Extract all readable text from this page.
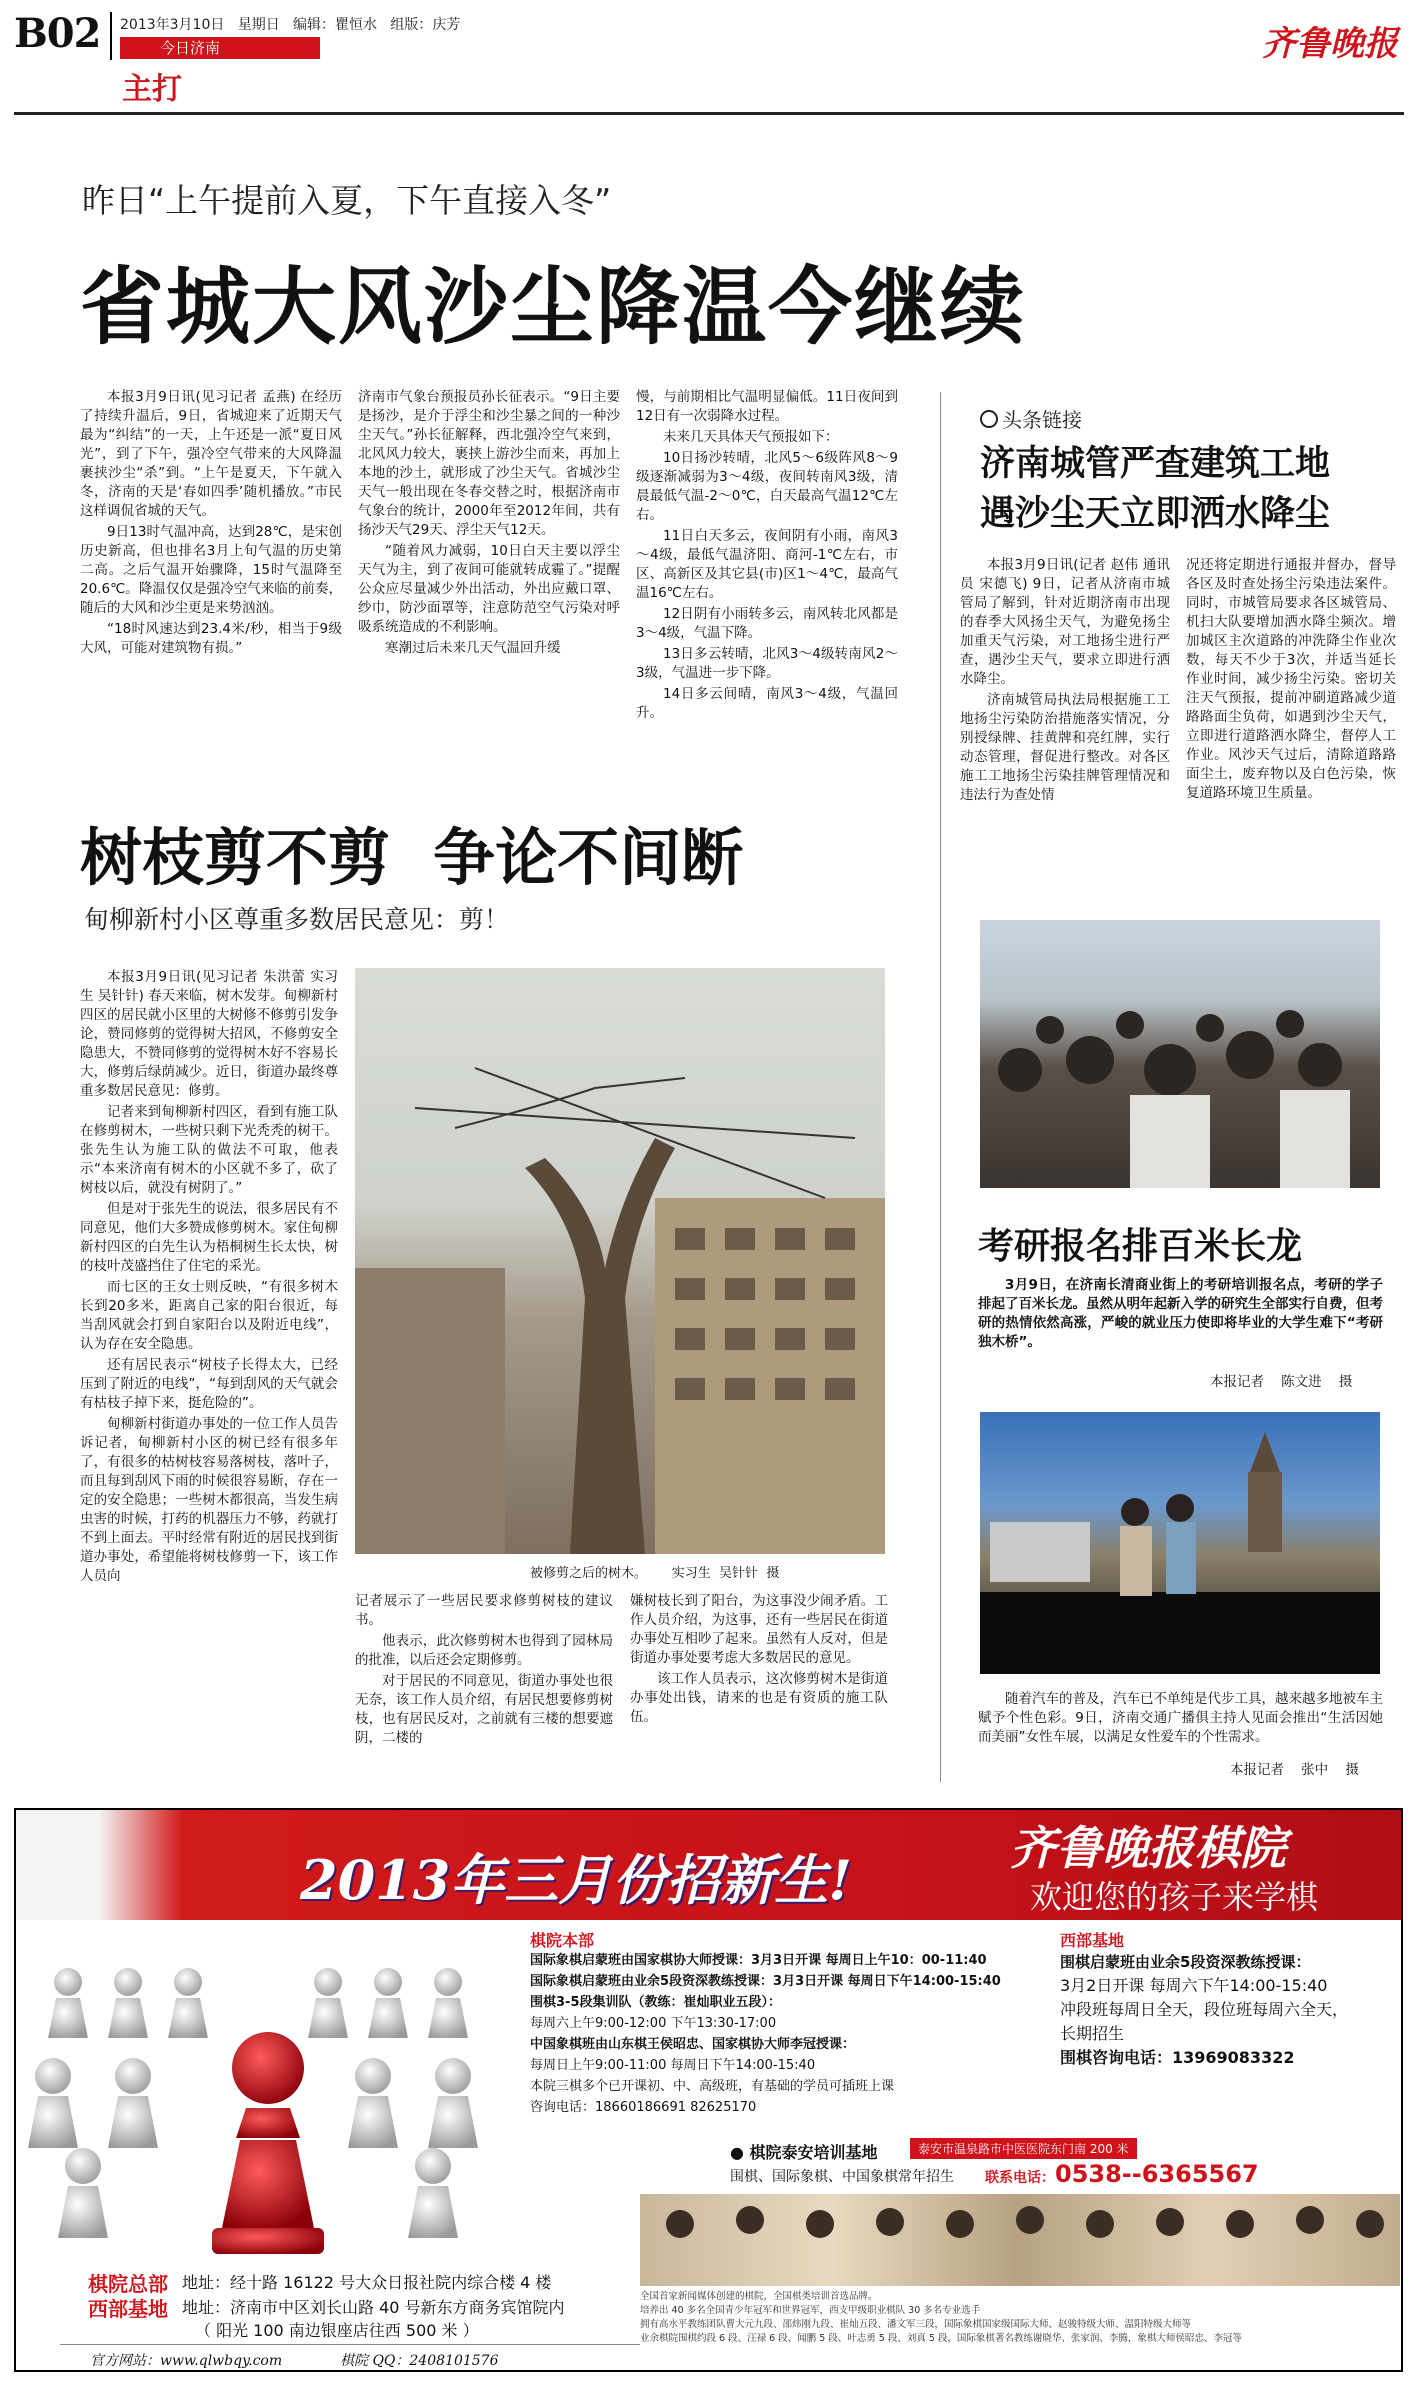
B02 2013年3月10日   星期日   编辑：瞿恒水   组版：庆芳
今日济南
主打
齐鲁晚报
昨日“上午提前入夏，下午直接入冬”
省城大风沙尘降温今继续

本报3月9日讯(见习记者 孟燕) 在经历了持续升温后，9日，省城迎来了近期天气最为“纠结”的一天，上午还是一派“夏日风光”，到了下午，强冷空气带来的大风降温裹挟沙尘“杀”到。“上午是夏天，下午就入冬，济南的天是‘春如四季’随机播放。”市民这样调侃省城的天气。

9日13时气温冲高，达到28℃，是宋创历史新高，但也排名3月上旬气温的历史第二高。之后气温开始骤降，15时气温降至20.6℃。降温仅仅是强冷空气来临的前奏，随后的大风和沙尘更是来势汹汹。

“18时风速达到23.4米/秒，相当于9级大风，可能对建筑物有损。”

济南市气象台预报员孙长征表示。“9日主要是扬沙，是介于浮尘和沙尘暴之间的一种沙尘天气。”孙长征解释，西北强冷空气来到，北风风力较大，裹挟上游沙尘而来，再加上本地的沙土，就形成了沙尘天气。省城沙尘天气一般出现在冬春交替之时，根据济南市气象台的统计，2000年至2012年间，共有扬沙天气29天、浮尘天气12天。

“随着风力减弱，10日白天主要以浮尘天气为主，到了夜间可能就转成霾了。”提醒公众应尽量减少外出活动，外出应戴口罩、纱巾，防沙面罩等，注意防范空气污染对呼吸系统造成的不利影响。

寒潮过后未来几天气温回升缓

慢，与前期相比气温明显偏低。11日夜间到12日有一次弱降水过程。

未来几天具体天气预报如下：

10日扬沙转晴，北风5～6级阵风8～9级逐渐减弱为3～4级，夜间转南风3级，清晨最低气温-2～0℃，白天最高气温12℃左右。

11日白天多云，夜间阴有小雨，南风3～4级，最低气温济阳、商河-1℃左右，市区、高新区及其它县(市)区1～4℃，最高气温16℃左右。

12日阴有小雨转多云，南风转北风都是3～4级，气温下降。

13日多云转晴，北风3～4级转南风2～3级，气温进一步下降。

14日多云间晴，南风3～4级，气温回升。

头条链接
济南城管严查建筑工地
遇沙尘天立即洒水降尘

本报3月9日讯(记者 赵伟 通讯员 宋德飞) 9日，记者从济南市城管局了解到，针对近期济南市出现的春季大风扬尘天气，为避免扬尘加重天气污染，对工地扬尘进行严查，遇沙尘天气，要求立即进行洒水降尘。

济南城管局执法局根据施工工地扬尘污染防治措施落实情况，分别授绿牌、挂黄牌和亮红牌，实行动态管理，督促进行整改。对各区施工工地扬尘污染挂牌管理情况和违法行为查处情

况还将定期进行通报并督办，督导各区及时查处扬尘污染违法案件。同时，市城管局要求各区城管局、机扫大队要增加洒水降尘频次。增加城区主次道路的冲洗降尘作业次数，每天不少于3次，并适当延长作业时间，减少扬尘污染。密切关注天气预报，提前冲刷道路减少道路路面尘负荷，如遇到沙尘天气，立即进行道路洒水降尘，督停人工作业。风沙天气过后，清除道路路面尘土，废弃物以及白色污染，恢复道路环境卫生质量。

树枝剪不剪  争论不间断
甸柳新村小区尊重多数居民意见：剪！

本报3月9日讯(见习记者 朱洪蕾 实习生 吴针针) 春天来临，树木发芽。甸柳新村四区的居民就小区里的大树修不修剪引发争论，赞同修剪的觉得树大招风，不修剪安全隐患大，不赞同修剪的觉得树木好不容易长大，修剪后绿荫减少。近日，街道办最终尊重多数居民意见：修剪。

记者来到甸柳新村四区，看到有施工队在修剪树木，一些树只剩下光秃秃的树干。张先生认为施工队的做法不可取，他表示“本来济南有树木的小区就不多了，砍了树枝以后，就没有树阴了。”

但是对于张先生的说法，很多居民有不同意见，他们大多赞成修剪树木。家住甸柳新村四区的白先生认为梧桐树生长太快，树的枝叶茂盛挡住了住宅的采光。

而七区的王女士则反映，“有很多树木长到20多米，距离自己家的阳台很近，每当刮风就会打到自家阳台以及附近电线”，认为存在安全隐患。

还有居民表示“树枝子长得太大，已经压到了附近的电线”，“每到刮风的天气就会有枯枝子掉下来，挺危险的”。

甸柳新村街道办事处的一位工作人员告诉记者，甸柳新村小区的树已经有很多年了，有很多的枯树枝容易落树枝，落叶子，而且每到刮风下雨的时候很容易断，存在一定的安全隐患；一些树木都很高，当发生病虫害的时候，打药的机器压力不够，药就打不到上面去。平时经常有附近的居民找到街道办事处，希望能将树枝修剪一下，该工作人员向	被修剪之后的树木。      实习生  吴针针  摄

记者展示了一些居民要求修剪树枝的建议书。

他表示，此次修剪树木也得到了园林局的批准，以后还会定期修剪。

对于居民的不同意见，街道办事处也很无奈，该工作人员介绍，有居民想要修剪树枝，也有居民反对，之前就有三楼的想要遮阴，二楼的

嫌树枝长到了阳台，为这事没少闹矛盾。工作人员介绍，为这事，还有一些居民在街道办事处互相吵了起来。虽然有人反对，但是街道办事处要考虑大多数居民的意见。

该工作人员表示，这次修剪树木是街道办事处出钱，请来的也是有资质的施工队伍。

考研报名排百米长龙

3月9日，在济南长清商业街上的考研培训报名点，考研的学子排起了百米长龙。虽然从明年起新入学的研究生全部实行自费，但考研的热情依然高涨，严峻的就业压力使即将毕业的大学生难下“考研独木桥”。

本报记者    陈文进    摄

随着汽车的普及，汽车已不单纯是代步工具，越来越多地被车主赋予个性色彩。9日，济南交通广播俱主持人见面会推出“生活因她而美丽”女性车展，以满足女性爱车的个性需求。

本报记者    张中    摄
2013年三月份招新生!	齐鲁晚报棋院
欢迎您的孩子来学棋
棋院本部
国际象棋启蒙班由国家棋协大师授课：3月3日开课 每周日上午10：00-11:40
国际象棋启蒙班由业余5段资深教练授课：3月3日开课 每周日下午14:00-15:40
围棋3-5段集训队（教练：崔灿职业五段）：
每周六上午9:00-12:00 下午13:30-17:00
中国象棋班由山东棋王侯昭忠、国家棋协大师李冠授课：
每周日上午9:00-11:00 每周日下午14:00-15:40
本院三棋多个已开课初、中、高级班，有基础的学员可插班上课
咨询电话：18660186691 82625170
西部基地
围棋启蒙班由业余5段资深教练授课：
3月2日开课 每周六下午14:00-15:40
冲段班每周日全天，段位班每周六全天，
长期招生
围棋咨询电话：13969083322
● 棋院泰安培训基地	泰安市温泉路市中医医院东门南 200 米
围棋、国际象棋、中国象棋常年招生 联系电话：0538--6365567
棋院总部 地址：经十路 16122 号大众日报社院内综合楼 4 楼
西部基地 地址：济南市中区刘长山路 40 号新东方商务宾馆院内
（ 阳光 100 南边银座店往西 500 米 ）
官方网站：www.qlwbqy.com	棋院 QQ：2408101576
全国首家新闻媒体创建的棋院，全国棋类培训首选品牌。
培养出 40 多名全国青少年冠军和世界冠军，西支甲级职业棋队 30 多名专业选手
拥有高水平教练团队曹大元九段、邵炜刚九段、崔灿五段、潘文军三段，国际象棋国家级国际大师、赵骏特级大师、温阳特级大师等
业余棋院围棋约段 6 段、汪禄 6 段、闻鹏 5 段、叶志勇 5 段、刘真 5 段，国际象棋著名教练谢晓华、张家润、李腾，象棋大师侯昭忠、李冠等
